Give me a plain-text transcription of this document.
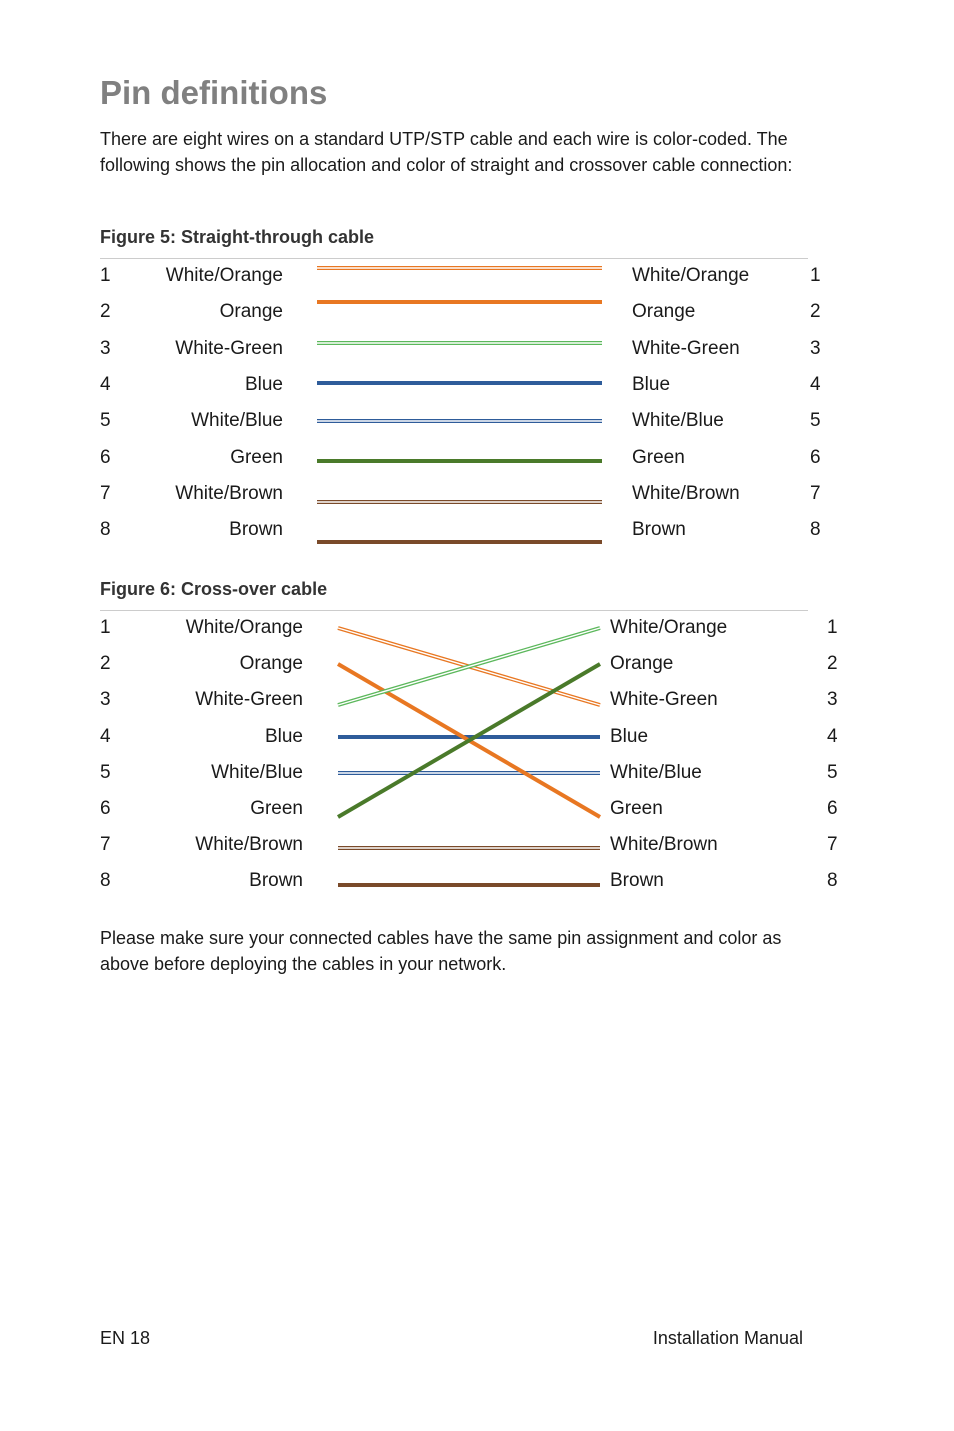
Pin definitions

There are eight wires on a standard UTP/STP cable and each wire is color-coded. The following shows the pin allocation and color of straight and crossover cable connection:

Figure 5: Straight-through cable
1	White/Orange	White/Orange	1
2	Orange	Orange	2
3	White-Green	White-Green	3
4	Blue	Blue	4
5	White/Blue	White/Blue	5
6	Green	Green	6
7	White/Brown	White/Brown	7
8	Brown	Brown	8
Figure 6: Cross-over cable
1	White/Orange	White/Orange	1
2	Orange	Orange	2
3	White-Green	White-Green	3
4	Blue	Blue	4
5	White/Blue	White/Blue	5
6	Green	Green	6
7	White/Brown	White/Brown	7
8	Brown	Brown	8

Please make sure your connected cables have the same pin assignment and color as above before deploying the cables in your network.

EN 18	Installation Manual
